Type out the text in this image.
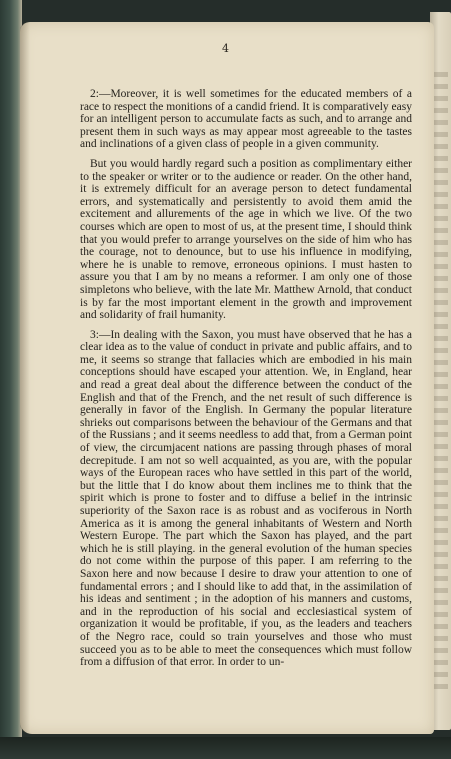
4

2:—Moreover, it is well sometimes for the educated members of a race to respect the monitions of a candid friend. It is comparatively easy for an intelligent person to accumulate facts as such, and to arrange and present them in such ways as may appear most agreeable to the tastes and inclinations of a given class of people in a given community.

But you would hardly regard such a position as complimentary either to the speaker or writer or to the audience or reader. On the other hand, it is extremely difficult for an average person to detect fundamental errors, and systematically and persistently to avoid them amid the excitement and allurements of the age in which we live. Of the two courses which are open to most of us, at the present time, I should think that you would prefer to arrange yourselves on the side of him who has the courage, not to denounce, but to use his influence in modifying, where he is unable to remove, erroneous opinions. I must hasten to assure you that I am by no means a reformer. I am only one of those simpletons who believe, with the late Mr. Matthew Arnold, that conduct is by far the most important element in the growth and improvement and solidarity of frail humanity.

3:—In dealing with the Saxon, you must have observed that he has a clear idea as to the value of conduct in private and public affairs, and to me, it seems so strange that fallacies which are embodied in his main conceptions should have escaped your attention. We, in England, hear and read a great deal about the difference between the conduct of the English and that of the French, and the net result of such difference is generally in favor of the English. In Germany the popular literature shrieks out comparisons between the behaviour of the Germans and that of the Russians ; and it seems needless to add that, from a German point of view, the circumjacent nations are passing through phases of moral decrepitude. I am not so well acquainted, as you are, with the popular ways of the European races who have settled in this part of the world, but the little that I do know about them inclines me to think that the spirit which is prone to foster and to diffuse a belief in the intrinsic superiority of the Saxon race is as robust and as vociferous in North America as it is among the general inhabitants of Western and North Western Europe. The part which the Saxon has played, and the part which he is still playing. in the general evolution of the human species do not come within the purpose of this paper. I am referring to the Saxon here and now because I desire to draw your attention to one of fundamental errors ; and I should like to add that, in the assimilation of his ideas and sentiment ; in the adoption of his manners and customs, and in the reproduction of his social and ecclesiastical system of organization it would be profitable, if you, as the leaders and teachers of the Negro race, could so train yourselves and those who must succeed you as to be able to meet the consequences which must follow from a diffusion of that error. In order to un-
